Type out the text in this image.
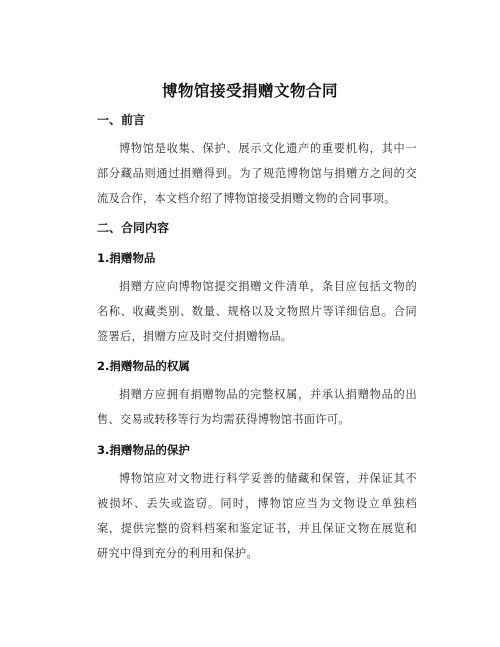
博物馆接受捐赠文物合同
一、前言
博物馆是收集、保护、展示文化遗产的重要机构，其中一部分藏品则通过捐赠得到。为了规范博物馆与捐赠方之间的交流及合作，本文档介绍了博物馆接受捐赠文物的合同事项。
二、合同内容
1.捐赠物品
捐赠方应向博物馆提交捐赠文件清单，条目应包括文物的名称、收藏类别、数量、规格以及文物照片等详细信息。合同签署后，捐赠方应及时交付捐赠物品。
2.捐赠物品的权属
捐赠方应拥有捐赠物品的完整权属，并承认捐赠物品的出售、交易或转移等行为均需获得博物馆书面许可。
3.捐赠物品的保护
博物馆应对文物进行科学妥善的储藏和保管，并保证其不被损坏、丢失或盗窃。同时，博物馆应当为文物设立单独档案，提供完整的资料档案和鉴定证书，并且保证文物在展览和研究中得到充分的利用和保护。
